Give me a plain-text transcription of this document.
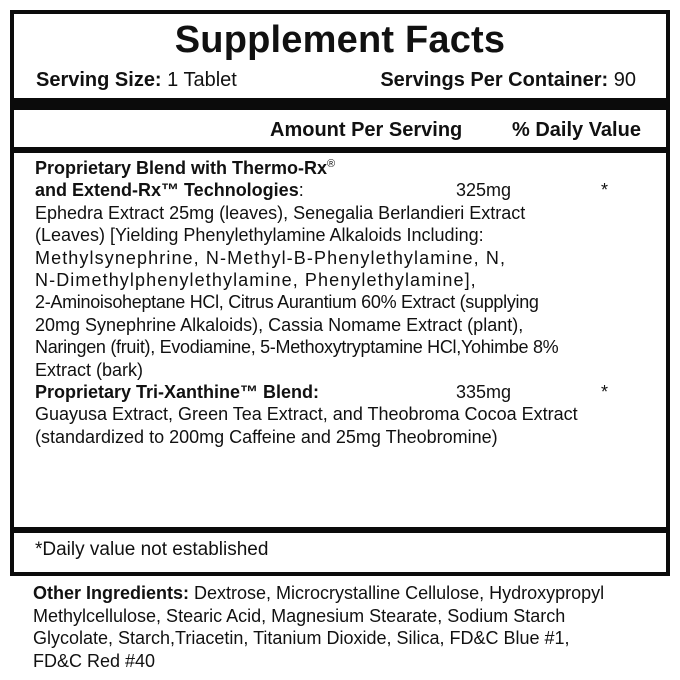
Supplement Facts
Serving Size: 1 Tablet	Servings Per Container: 90
Amount Per Serving % Daily Value
Proprietary Blend with Thermo-Rx®
and Extend-Rx™ Technologies:	325mg	*

Ephedra Extract 25mg (leaves), Senegalia Berlandieri Extract

(Leaves) [Yielding Phenylethylamine Alkaloids Including:

Methylsynephrine, N-Methyl-B-Phenylethylamine, N,

N-Dimethylphenylethylamine, Phenylethylamine],

2-Aminoisoheptane HCl, Citrus Aurantium 60% Extract (supplying

20mg Synephrine Alkaloids), Cassia Nomame Extract (plant),

Naringen (fruit), Evodiamine, 5-Methoxytryptamine HCl,Yohimbe 8%

Extract (bark)

Proprietary Tri-Xanthine™ Blend:	335mg	*

Guayusa Extract, Green Tea Extract, and Theobroma Cocoa Extract

(standardized to 200mg Caffeine and 25mg Theobromine)

*Daily value not established
Other Ingredients: Dextrose, Microcrystalline Cellulose, Hydroxypropyl
Methylcellulose, Stearic Acid, Magnesium Stearate, Sodium Starch
Glycolate, Starch,Triacetin, Titanium Dioxide, Silica, FD&C Blue #1,
FD&C Red #40
